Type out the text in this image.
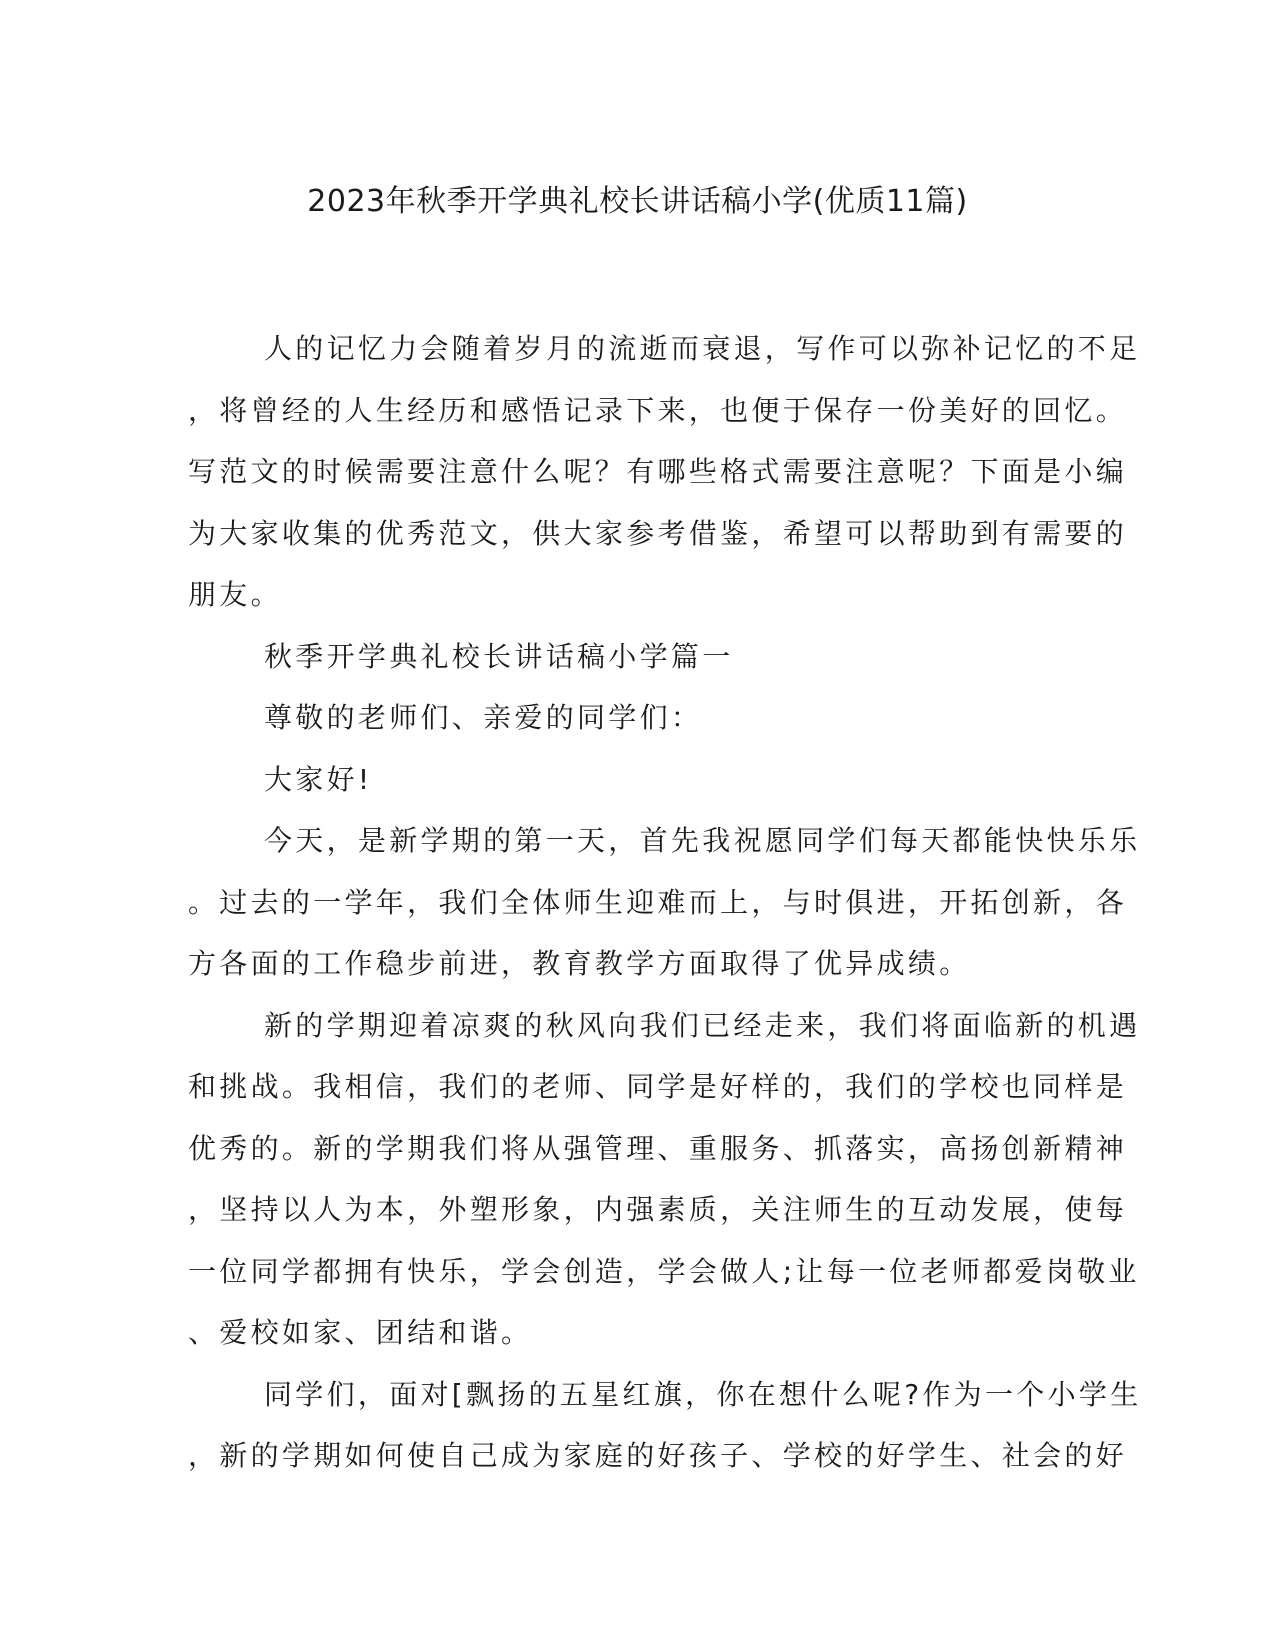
2023年秋季开学典礼校长讲话稿小学(优质11篇)
人的记忆力会随着岁月的流逝而衰退，写作可以弥补记忆的不足
，将曾经的人生经历和感悟记录下来，也便于保存一份美好的回忆。
写范文的时候需要注意什么呢？有哪些格式需要注意呢？下面是小编
为大家收集的优秀范文，供大家参考借鉴，希望可以帮助到有需要的
朋友。
秋季开学典礼校长讲话稿小学篇一
尊敬的老师们、亲爱的同学们：
大家好!
今天，是新学期的第一天，首先我祝愿同学们每天都能快快乐乐
。过去的一学年，我们全体师生迎难而上，与时俱进，开拓创新，各
方各面的工作稳步前进，教育教学方面取得了优异成绩。
新的学期迎着凉爽的秋风向我们已经走来，我们将面临新的机遇
和挑战。我相信，我们的老师、同学是好样的，我们的学校也同样是
优秀的。新的学期我们将从强管理、重服务、抓落实，高扬创新精神
，坚持以人为本，外塑形象，内强素质，关注师生的互动发展，使每
一位同学都拥有快乐，学会创造，学会做人;让每一位老师都爱岗敬业
、爱校如家、团结和谐。
同学们，面对[飘扬的五星红旗，你在想什么呢?作为一个小学生
，新的学期如何使自己成为家庭的好孩子、学校的好学生、社会的好
